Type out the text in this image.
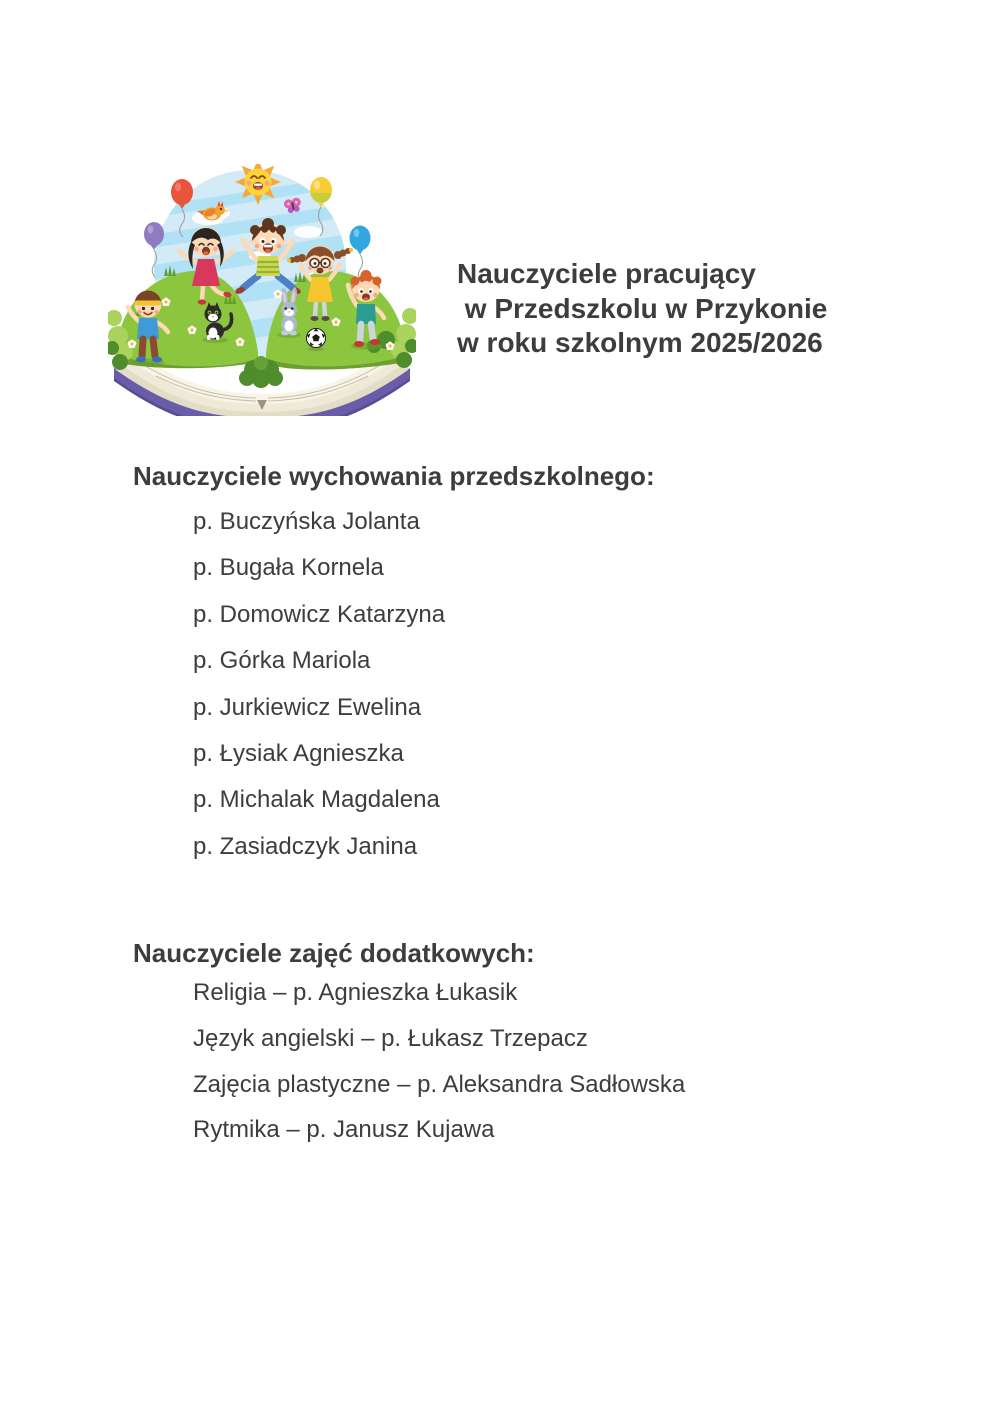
Nauczyciele pracujący
w Przedszkolu w Przykonie
w roku szkolnym 2025/2026
Nauczyciele wychowania przedszkolnego:
p. Buczyńska Jolanta
p. Bugała Kornela
p. Domowicz Katarzyna
p. Górka Mariola
p. Jurkiewicz Ewelina
p. Łysiak Agnieszka
p. Michalak Magdalena
p. Zasiadczyk Janina
Nauczyciele zajęć dodatkowych:
Religia – p. Agnieszka Łukasik
Język angielski – p. Łukasz Trzepacz
Zajęcia plastyczne – p. Aleksandra Sadłowska
Rytmika – p. Janusz Kujawa
